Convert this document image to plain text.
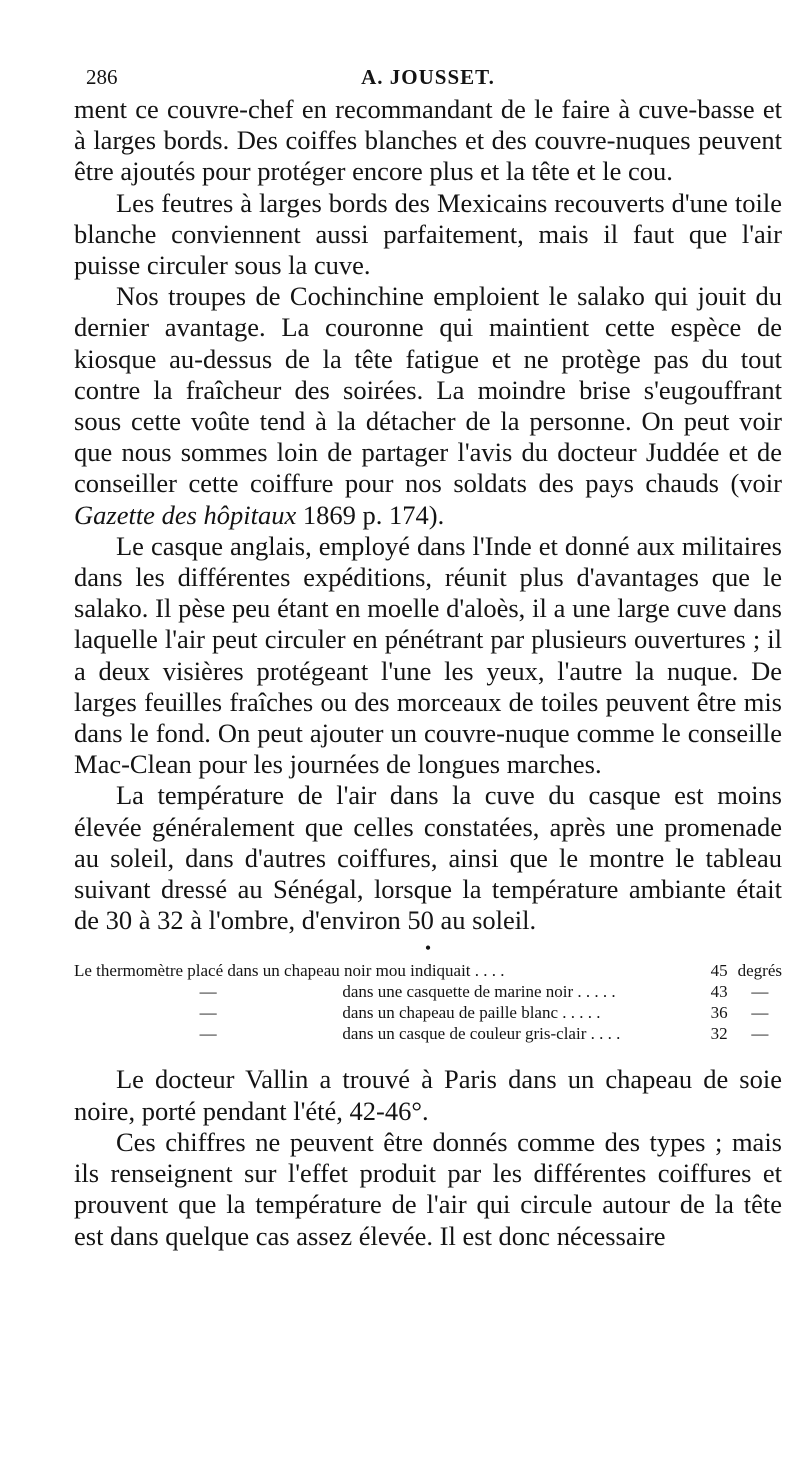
286	A. JOUSSET.

ment ce couvre-chef en recommandant de le faire à cuve-basse et à larges bords. Des coiffes blanches et des couvre-nuques peuvent être ajoutés pour protéger encore plus et la tête et le cou.

Les feutres à larges bords des Mexicains recouverts d'une toile blanche conviennent aussi parfaitement, mais il faut que l'air puisse circuler sous la cuve.

Nos troupes de Cochinchine emploient le salako qui jouit du dernier avantage. La couronne qui maintient cette espèce de kiosque au-dessus de la tête fatigue et ne protège pas du tout contre la fraîcheur des soirées. La moindre brise s'eugouffrant sous cette voûte tend à la détacher de la personne. On peut voir que nous sommes loin de partager l'avis du docteur Juddée et de conseiller cette coiffure pour nos soldats des pays chauds (voir Gazette des hôpitaux 1869 p. 174).

Le casque anglais, employé dans l'Inde et donné aux militaires dans les différentes expéditions, réunit plus d'avantages que le salako. Il pèse peu étant en moelle d'aloès, il a une large cuve dans laquelle l'air peut circuler en pénétrant par plusieurs ouvertures ; il a deux visières protégeant l'une les yeux, l'autre la nuque. De larges feuilles fraîches ou des morceaux de toiles peuvent être mis dans le fond. On peut ajouter un couvre-nuque comme le conseille Mac-Clean pour les journées de longues marches.

La température de l'air dans la cuve du casque est moins élevée généralement que celles constatées, après une promenade au soleil, dans d'autres coiffures, ainsi que le montre le tableau suivant dressé au Sénégal, lorsque la température ambiante était de 30 à 32 à l'ombre, d'environ 50 au soleil.

•
Le thermomètre placé dans un chapeau noir mou indiquait . . . .		45	degrés
—	dans une casquette de marine noir . . . . .	43	—
—	dans un chapeau de paille blanc . . . . .	36	—
—	dans un casque de couleur gris-clair . . . .	32	—

Le docteur Vallin a trouvé à Paris dans un chapeau de soie noire, porté pendant l'été, 42-46°.

Ces chiffres ne peuvent être donnés comme des types ; mais ils renseignent sur l'effet produit par les différentes coiffures et prouvent que la température de l'air qui circule autour de la tête est dans quelque cas assez élevée. Il est donc nécessaire
